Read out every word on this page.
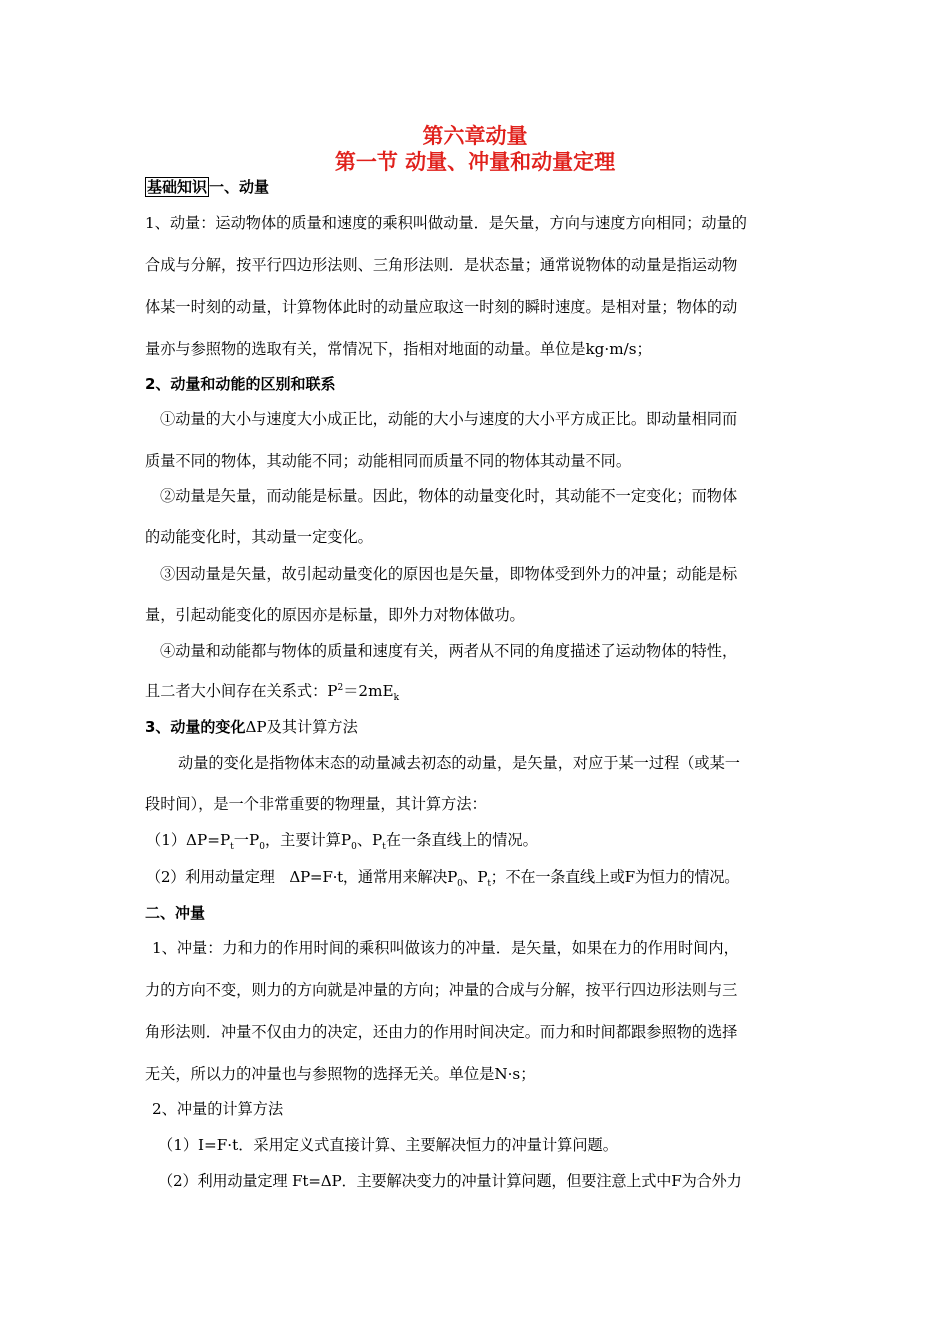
第六章动量
第一节 动量、冲量和动量定理
基础知识 一、动量
1、动量：运动物体的质量和速度的乘积叫做动量．是矢量，方向与速度方向相同；动量的
合成与分解，按平行四边形法则、三角形法则．是状态量；通常说物体的动量是指运动物
体某一时刻的动量，计算物体此时的动量应取这一时刻的瞬时速度。是相对量；物体的动
量亦与参照物的选取有关，常情况下，指相对地面的动量。单位是kg·m/s；
2、动量和动能的区别和联系
①动量的大小与速度大小成正比，动能的大小与速度的大小平方成正比。即动量相同而
质量不同的物体，其动能不同；动能相同而质量不同的物体其动量不同。
②动量是矢量，而动能是标量。因此，物体的动量变化时，其动能不一定变化；而物体
的动能变化时，其动量一定变化。
③因动量是矢量，故引起动量变化的原因也是矢量，即物体受到外力的冲量；动能是标
量，引起动能变化的原因亦是标量，即外力对物体做功。
④动量和动能都与物体的质量和速度有关，两者从不同的角度描述了运动物体的特性，
且二者大小间存在关系式：$P^2=2mE_k$
3、动量的变化ΔP及其计算方法
动量的变化是指物体末态的动量减去初态的动量，是矢量，对应于某一过程（或某一
段时间），是一个非常重要的物理量，其计算方法：
$(1)\Delta P=P_t$一$P_0$，主要计算$P_0$、$P_t$在一条直线上的情况。
（2）利用动量定理　ΔP=F·t，通常用来解决$P_0$、$P_t$；不在一条直线上或F为恒力的情况。
二、冲量
1、冲量：力和力的作用时间的乘积叫做该力的冲量．是矢量，如果在力的作用时间内，
力的方向不变，则力的方向就是冲量的方向；冲量的合成与分解，按平行四边形法则与三
角形法则．冲量不仅由力的决定，还由力的作用时间决定。而力和时间都跟参照物的选择
无关，所以力的冲量也与参照物的选择无关。单位是N·s；
2、冲量的计算方法
（1）I=F·t．采用定义式直接计算、主要解决恒力的冲量计算问题。
（2）利用动量定理 Ft=ΔP．主要解决变力的冲量计算问题，但要注意上式中F为合外力
